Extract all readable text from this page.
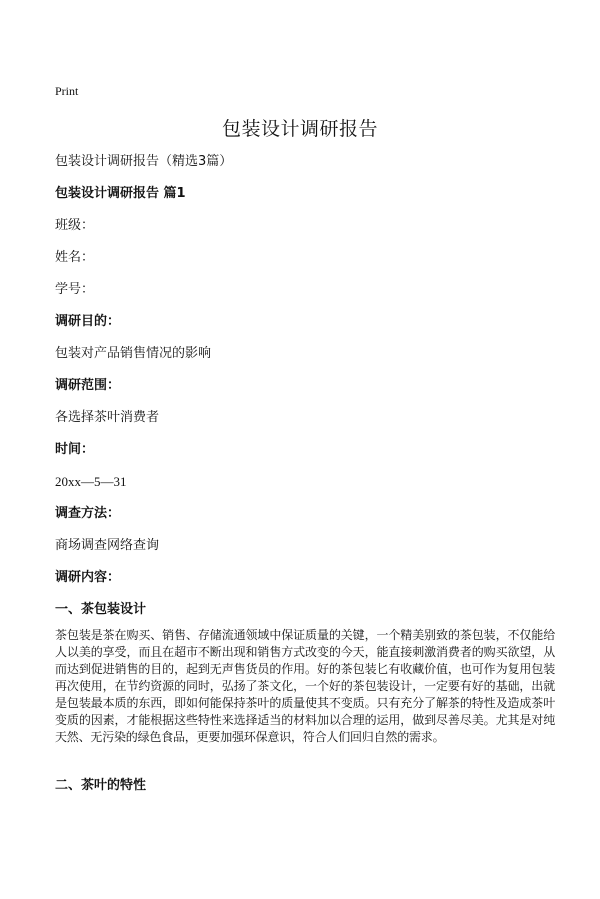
Print
包装设计调研报告
包装设计调研报告（精选3篇）
包装设计调研报告 篇1
班级：
姓名：
学号：
调研目的：
包装对产品销售情况的影响
调研范围：
各选择茶叶消费者
时间：
20xx—5—31
调查方法：
商场调查网络查询
调研内容：
一、茶包装设计
茶包装是茶在购买、销售、存储流通领域中保证质量的关键，一个精美别致的茶包装，不仅能给人以美的享受，而且在超市不断出现和销售方式改变的今天，能直接刺激消费者的购买欲望，从而达到促进销售的目的，起到无声售货员的作用。好的茶包装匕有收藏价值，也可作为复用包装再次使用，在节约资源的同时，弘扬了茶文化，一个好的茶包装设计，一定要有好的基础，出就是包装最本质的东西，即如何能保持茶叶的质量使其不变质。只有充分了解茶的特性及造成茶叶变质的因素，才能根据这些特性来选择适当的材料加以合理的运用，做到尽善尽美。尤其是对纯天然、无污染的绿色食品，更要加强环保意识，符合人们回归自然的需求。
二、茶叶的特性
